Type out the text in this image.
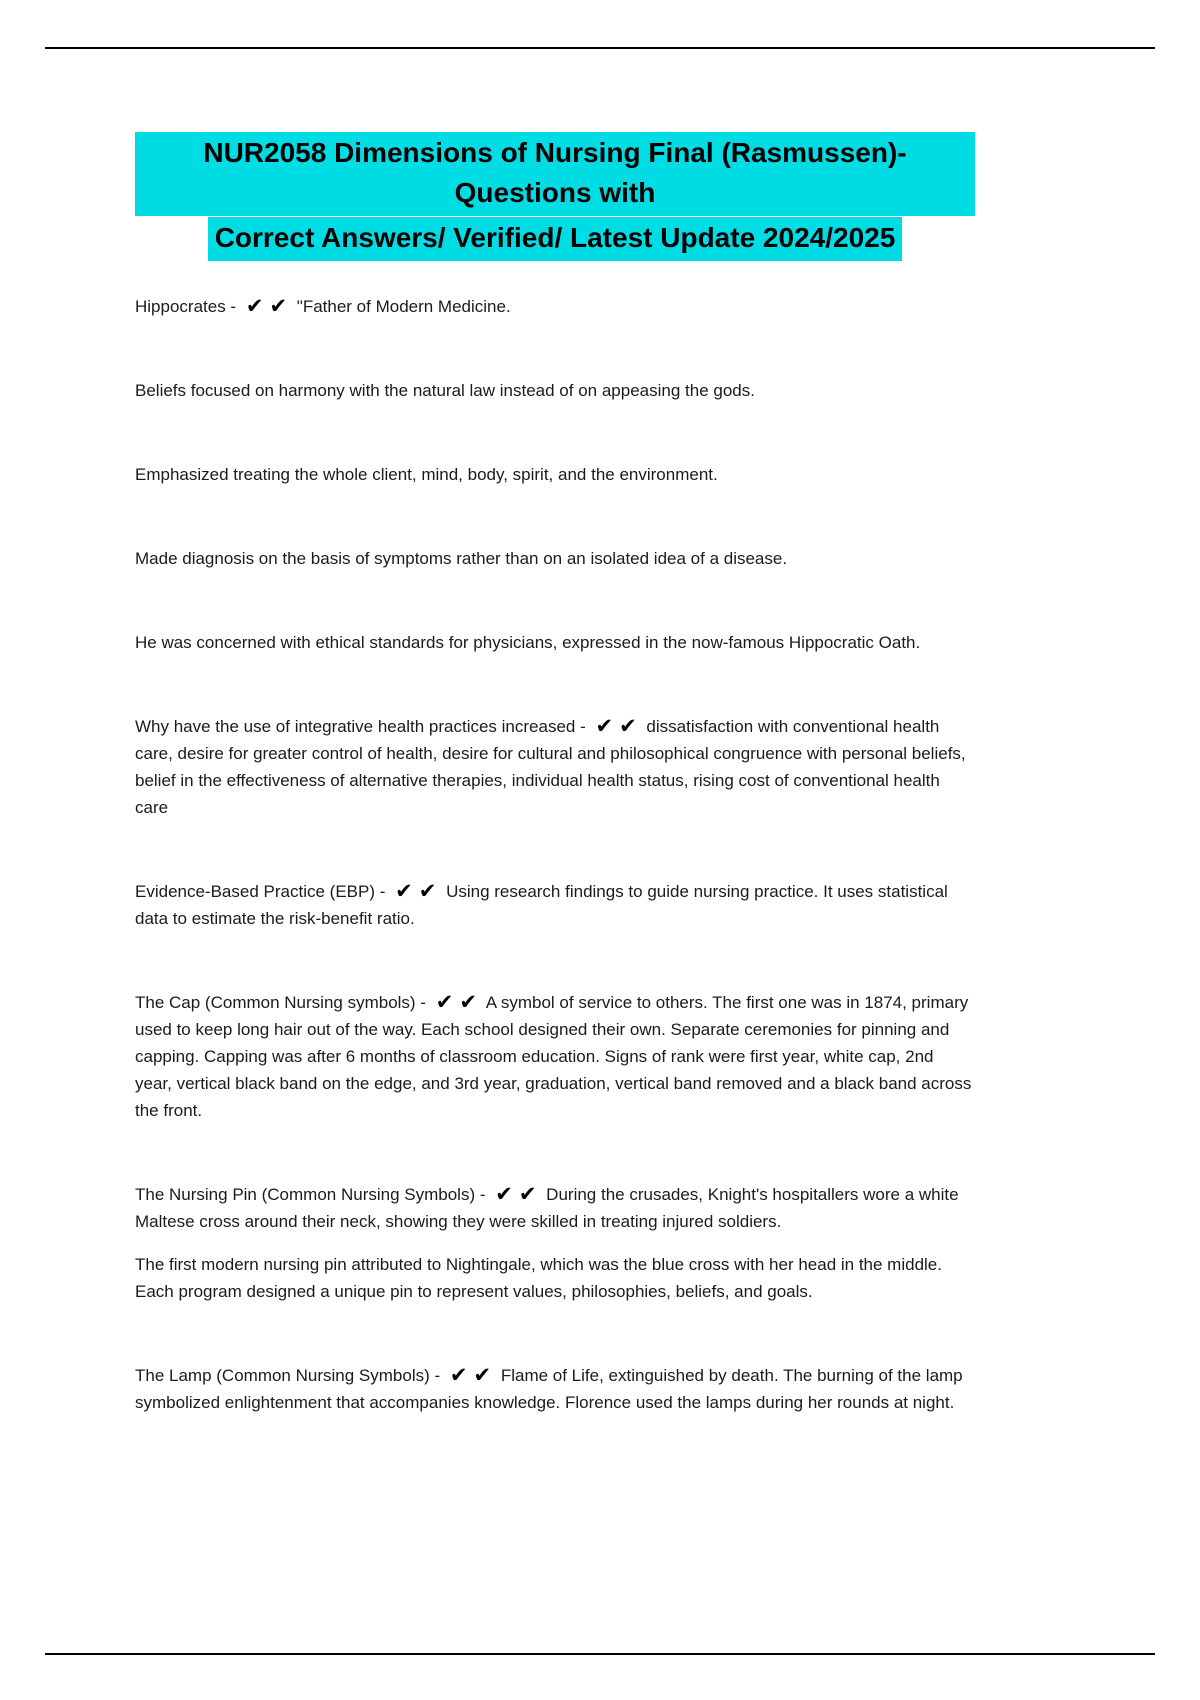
NUR2058 Dimensions of Nursing Final (Rasmussen)-Questions with
Correct Answers/ Verified/ Latest Update 2024/2025
Hippocrates - ✔ ✔ "Father of Modern Medicine.
Beliefs focused on harmony with the natural law instead of on appeasing the gods.
Emphasized treating the whole client, mind, body, spirit, and the environment.
Made diagnosis on the basis of symptoms rather than on an isolated idea of a disease.
He was concerned with ethical standards for physicians, expressed in the now-famous Hippocratic Oath.
Why have the use of integrative health practices increased - ✔ ✔ dissatisfaction with conventional health care, desire for greater control of health, desire for cultural and philosophical congruence with personal beliefs, belief in the effectiveness of alternative therapies, individual health status, rising cost of conventional health care
Evidence-Based Practice (EBP) - ✔ ✔ Using research findings to guide nursing practice. It uses statistical data to estimate the risk-benefit ratio.
The Cap (Common Nursing symbols) - ✔ ✔ A symbol of service to others. The first one was in 1874, primary used to keep long hair out of the way. Each school designed their own. Separate ceremonies for pinning and capping. Capping was after 6 months of classroom education. Signs of rank were first year, white cap, 2nd year, vertical black band on the edge, and 3rd year, graduation, vertical band removed and a black band across the front.
The Nursing Pin (Common Nursing Symbols) - ✔ ✔ During the crusades, Knight's hospitallers wore a white Maltese cross around their neck, showing they were skilled in treating injured soldiers.
The first modern nursing pin attributed to Nightingale, which was the blue cross with her head in the middle. Each program designed a unique pin to represent values, philosophies, beliefs, and goals.
The Lamp (Common Nursing Symbols) - ✔ ✔ Flame of Life, extinguished by death. The burning of the lamp symbolized enlightenment that accompanies knowledge. Florence used the lamps during her rounds at night.
